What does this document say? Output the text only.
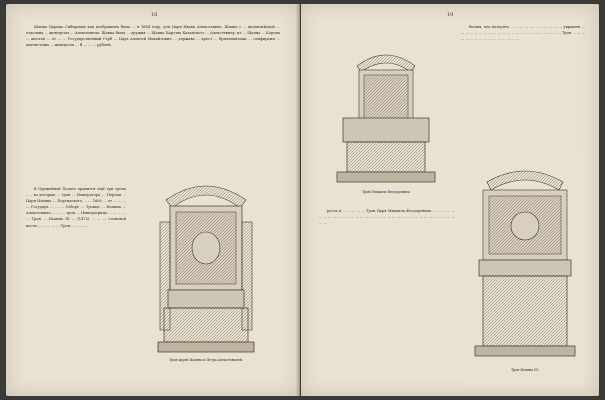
18

Шапка Царица Сибирская как изображена была ... в 1684 году, для Царя Ивана Алексеевича. Шапка с ... византийской ... отделана ... жемчугом ... Алексеевича. Шапка была ... оружия ... Шапка Царства Казанского ... Алексеевичу, из ... Шапка ... Корона ... шестая ... от ... ... Государственный Герб ... Царь Алексей Михайлович ... держава ... крест ... бриллиантами ... сапфирами ... аметистами ... жемчугом ... В ... ... ... рублей.

В Оружейной Палате хранится ещё три трона ... , из которых ... трон ... Императора ... Персии ... Царя Иоанна ... Персидского ... ... 1660 ... от ... ... ... ... Государь ... ... ... Соборе ... Троице ... Иоанна ... Алексеевича ... ... ... трон ... Императрица ... ... ... ... ... Трон ... Иоанна III ... (1472) ... ... ... слоновой кости ... ... ... ... ... Трон ... ... ... ...

Трон царей Иоанна и Петра Алексеевичей.
19
Трон Михаила Феодоровича

белым, что потерять ... ... ... ... ... ... ... ... ... ... ... украшен ... ... ... ... ... ... ... ... ... ... ... ... ... ... ... ... ... ... ... ... ... ... ... Трон ... ... ... ... ... ... ... ... ... ... ... ... ... ... ... ...

рость и ... ... ... ... ... Трон Царя Михаила Феодоровича ... ... ... ... ... ... ... ... ... ... ... ... ... ... ... ... ... ... ... ... ... ... ... ... ... ... ... ... ... ... ... ... ... ... ... ... ...

Трон Иоанна III.
